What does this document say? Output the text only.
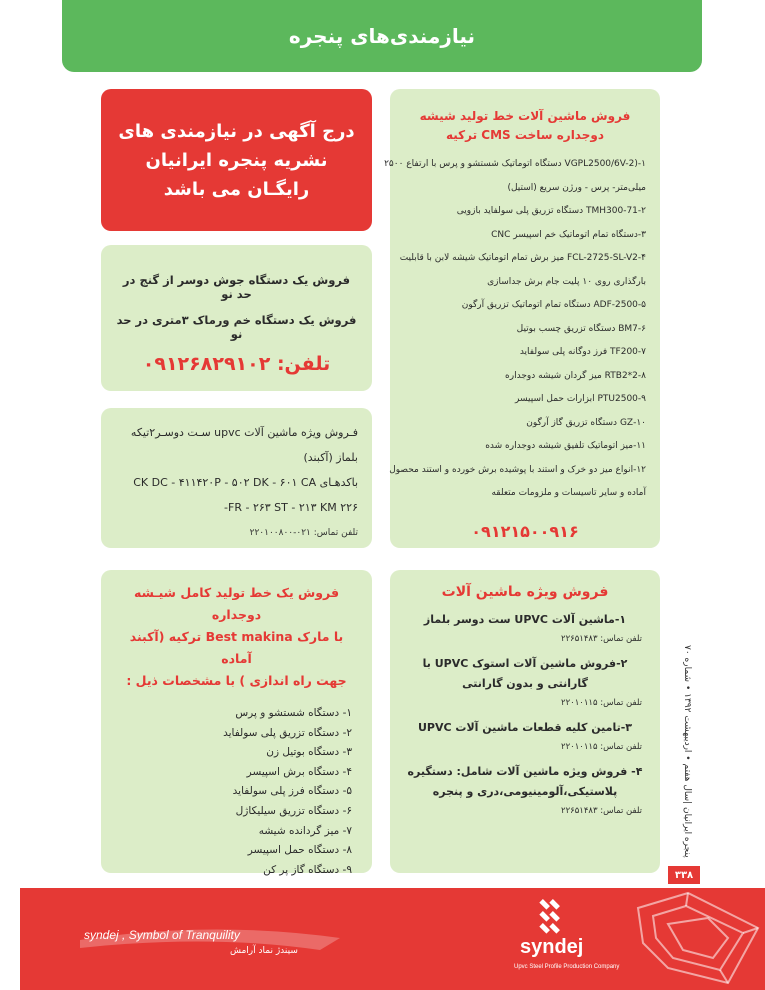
نیازمندی‌های پنجره
درج آگهی در نیازمندی های
نشریه پنجره ایرانیان
رایگـان می باشد
فروش یک دستگاه جوش دوسر از گنج در حد نو
فروش یک دستگاه خم ورماک ۳متری در حد نو
تلفن: ۰۹۱۲۶۸۲۹۱۰۲
فـروش ویژه ماشین آلات upvc سـت دوسـر۲تیکه
بلماز (آکبند)
باکدهـای CK DC - ۴۱۱۴۲۰P - ۵۰۲ DK - ۶۰۱ CA
۲۲۶ FR - ۲۶۳ ST - ۲۱۳ KM-
تلفن تماس: ۰۲۱-۲۲۰۱۰۰۸۰۰
فروش ماشین آلات خط تولید شیشه
دوجداره ساخت CMS ترکیه
۱-(VGPL2500/6V-2 دستگاه اتوماتیک شستشو و پرس با ارتفاع ۲۵۰۰
میلی‌متر- پرس - ورژن سریع (استیل)
۲-TMH300-71 دستگاه تزریق پلی سولفاید بازویی
۳-دستگاه تمام اتوماتیک خم اسپیسر CNC
۴-FCL-2725-SL-V2 میز برش تمام اتوماتیک شیشه لابن با قابلیت
بارگذاری روی ۱۰ پلیت جام برش جداسازی
۵-ADF-2500 دستگاه تمام اتوماتیک تزریق آرگون
۶-BM7 دستگاه تزریق چسب بوتیل
۷-TF200 فرز دوگانه پلی سولفاید
۸-RTB2*2 میز گردان شیشه دوجداره
۹-PTU2500 ابزارات حمل اسپیسر
۱۰-GZ دستگاه تزریق گاز آرگون
۱۱-میز اتوماتیک تلفیق شیشه دوجداره شده
۱۲-انواع میز دو خرک و استند با پوشیده برش خورده و استند محصول
آماده و سایر تاسیسات و ملزومات متعلقه
۰۹۱۲۱۵۰۰۹۱۶
فروش یک خط تولید کامل شیـشه دوجداره
با مارک Best makina ترکیه (آکبند آماده
جهت راه اندازی ) با مشخصات ذیل :
۱- دستگاه شستشو و پرس
۲- دستگاه تزریق پلی سولفاید
۳- دستگاه بوتیل زن
۴- دستگاه برش اسپیسر
۵- دستگاه فرز پلی سولفاید
۶- دستگاه تزریق سیلیکاژل
۷- میز گردانده شیشه
۸- دستگاه حمل اسپیسر
۹- دستگاه گاز پر کن
فروش ویژه ماشین آلات
۱-ماشین آلات UPVC ست دوسر بلماز
تلفن تماس: ۲۲۶۵۱۴۸۳
۲-فروش ماشین آلات استوک UPVC با گارانتی و بدون گارانتی
تلفن تماس: ۲۲۰۱۰۱۱۵
۳-تامین کلیه قطعات ماشین آلات UPVC
تلفن تماس: ۲۲۰۱۰۱۱۵
۴- فروش ویژه ماشین آلات شامل: دستگیره پلاستیکی،آلومینیومی،دری و پنجره
تلفن تماس: ۲۲۶۵۱۴۸۳
پنجره ایرانیان |سال هفتم • اردیبهشت ۱۳۹۲ • شماره ۷۰
۳۳۸
syndej , Symbol of Tranquility
سیندژ نماد آرامش	syndej
Upvc Steel Profile Production Company
